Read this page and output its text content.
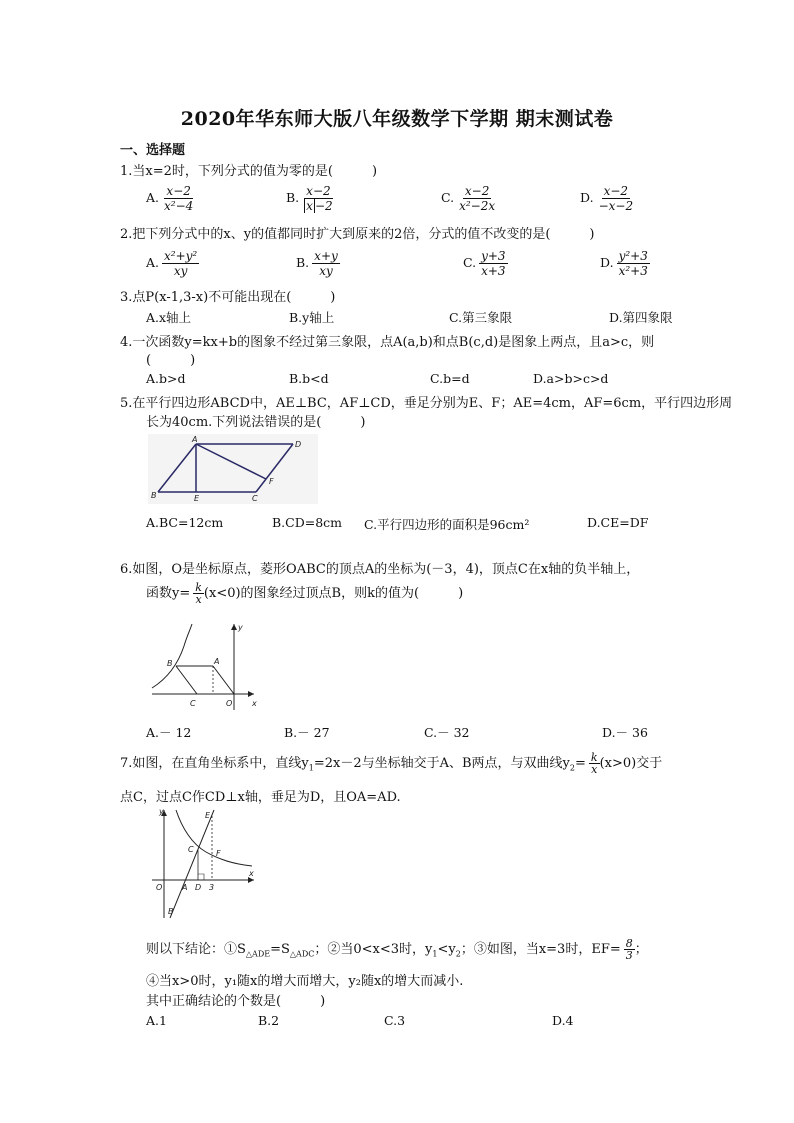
2020年华东师大版八年级数学下学期 期末测试卷
一、选择题
1.当x=2时，下列分式的值为零的是(　　　)
A. $\frac{x-2}{\text{x²−4}}$	B. $\frac{x-2}{x -2}$	C. $\frac{x-2}{\text{x²−2x}}$	D. $\frac{x-2}{-x-2}$
2.把下列分式中的x、y的值都同时扩大到原来的2倍，分式的值不改变的是(　　　)
A. $\frac{\text{x²+y²}}{xy}$	B. $\frac{x+y}{xy}$	C. $\frac{y+3}{x+3}$	D. $\frac{\text{y²+3}}{\text{x²+3}}$
3.点P(x-1,3-x)不可能出现在(　　　)
A.x轴上	B.y轴上	C.第三象限	D.第四象限
4.一次函数y=kx+b的图象不经过第三象限，点A(a,b)和点B(c,d)是图象上两点，且a>c，则
(　　　)
A.b>d	B.b<d	C.b=d	D.a>b>c>d
5.在平行四边形ABCD中，AE⊥BC，AF⊥CD，垂足分别为E、F；AE=4cm，AF=6cm，平行四边形周
长为40cm.下列说法错误的是(　　　)
A
B	C
D
E
F
A.BC=12cm	B.CD=8cm C.平行四边形的面积是96cm²	D.CE=DF
6.如图，O是坐标原点，菱形OABC的顶点A的坐标为(－3，4)，顶点C在x轴的负半轴上，
函数$y= \frac{k}{x} (x<0)$的图象经过顶点B，则k的值为(　　　)
y
x
B	A
C	O
A.－ 12	B.－ 27	C.－ 32	D.－ 36
7.如图，在直角坐标系中，直线$y_1=2x-2$与坐标轴交于A、B两点，与双曲线$y_2= \frac{k}{x} (x>0)$交于
点C，过点C作CD⊥x轴，垂足为D，且OA=AD.
y	E
C	F
O A D 3
x
B
则以下结论：$①S_{\triangle ADE}=S_{\triangle ADC}$；②当0<x<3时，$y_1<y_2$；③如图，当x=3时，$EF= \frac{8}{3}$ ；
④当x>0时，y₁随x的增大而增大，y₂随x的增大而减小.
其中正确结论的个数是(　　　)
A.1	B.2	C.3	D.4
